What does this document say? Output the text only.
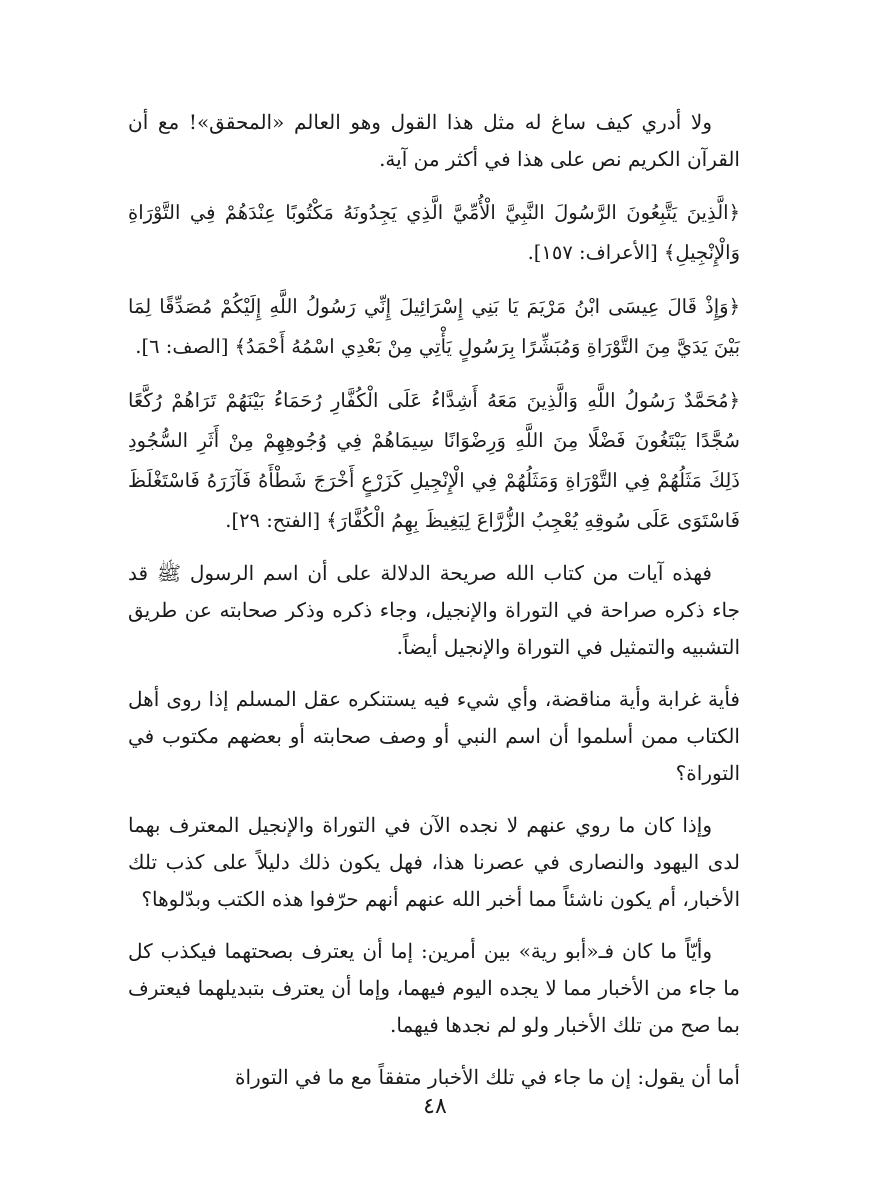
ولا أدري كيف ساغ له مثل هذا القول وهو العالم «المحقق»! مع أن القرآن الكريم نص على هذا في أكثر من آية.

﴿الَّذِينَ يَتَّبِعُونَ الرَّسُولَ النَّبِيَّ الْأُمِّيَّ الَّذِي يَجِدُونَهُ مَكْتُوبًا عِنْدَهُمْ فِي التَّوْرَاةِ وَالْإِنْجِيلِ﴾ [الأعراف: ١٥٧].

﴿وَإِذْ قَالَ عِيسَى ابْنُ مَرْيَمَ يَا بَنِي إِسْرَائِيلَ إِنِّي رَسُولُ اللَّهِ إِلَيْكُمْ مُصَدِّقًا لِمَا بَيْنَ يَدَيَّ مِنَ التَّوْرَاةِ وَمُبَشِّرًا بِرَسُولٍ يَأْتِي مِنْ بَعْدِي اسْمُهُ أَحْمَدُ﴾ [الصف: ٦].

﴿مُحَمَّدٌ رَسُولُ اللَّهِ وَالَّذِينَ مَعَهُ أَشِدَّاءُ عَلَى الْكُفَّارِ رُحَمَاءُ بَيْنَهُمْ تَرَاهُمْ رُكَّعًا سُجَّدًا يَبْتَغُونَ فَضْلًا مِنَ اللَّهِ وَرِضْوَانًا سِيمَاهُمْ فِي وُجُوهِهِمْ مِنْ أَثَرِ السُّجُودِ ذَلِكَ مَثَلُهُمْ فِي التَّوْرَاةِ وَمَثَلُهُمْ فِي الْإِنْجِيلِ كَزَرْعٍ أَخْرَجَ شَطْأَهُ فَآزَرَهُ فَاسْتَغْلَظَ فَاسْتَوَى عَلَى سُوقِهِ يُعْجِبُ الزُّرَّاعَ لِيَغِيظَ بِهِمُ الْكُفَّارَ﴾ [الفتح: ٢٩].

فهذه آيات من كتاب الله صريحة الدلالة على أن اسم الرسول ﷺ قد جاء ذكره صراحة في التوراة والإنجيل، وجاء ذكره وذكر صحابته عن طريق التشبيه والتمثيل في التوراة والإنجيل أيضاً.

فأية غرابة وأية مناقضة، وأي شيء فيه يستنكره عقل المسلم إذا روى أهل الكتاب ممن أسلموا أن اسم النبي أو وصف صحابته أو بعضهم مكتوب في التوراة؟

وإذا كان ما روي عنهم لا نجده الآن في التوراة والإنجيل المعترف بهما لدى اليهود والنصارى في عصرنا هذا، فهل يكون ذلك دليلاً على كذب تلك الأخبار، أم يكون ناشئاً مما أخبر الله عنهم أنهم حرّفوا هذه الكتب وبدّلوها؟

وأيّاً ما كان فـ«أبو رية» بين أمرين: إما أن يعترف بصحتهما فيكذب كل ما جاء من الأخبار مما لا يجده اليوم فيهما، وإما أن يعترف بتبديلهما فيعترف بما صح من تلك الأخبار ولو لم نجدها فيهما.

أما أن يقول: إن ما جاء في تلك الأخبار متفقاً مع ما في التوراة

٤٨
